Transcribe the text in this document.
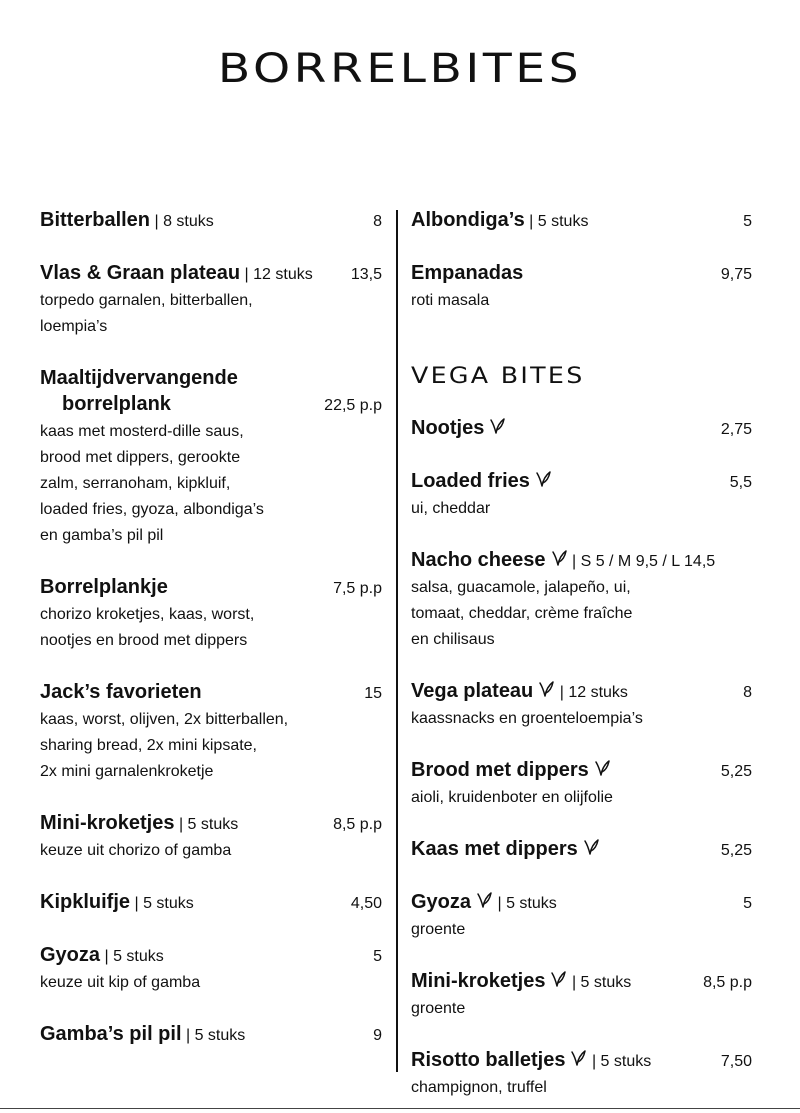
BORRELBITES
Bitterballen | 8 stuks	8
Vlas & Graan plateau | 12 stuks 13,5
torpedo garnalen, bitterballen,
loempia’s
Maaltijdvervangende
borrelplank	22,5 p.p
kaas met mosterd-dille saus,
brood met dippers, gerookte
zalm, serranoham, kipkluif,
loaded fries, gyoza, albondiga’s
en gamba’s pil pil
Borrelplankje	7,5 p.p
chorizo kroketjes, kaas, worst,
nootjes en brood met dippers
Jack’s favorieten	15
kaas, worst, olijven, 2x bitterballen,
sharing bread, 2x mini kipsate,
2x mini garnalenkroketje
Mini-kroketjes | 5 stuks	8,5 p.p
keuze uit chorizo of gamba
Kipkluifje | 5 stuks	4,50
Gyoza | 5 stuks	5
keuze uit kip of gamba
Gamba’s pil pil | 5 stuks	9
Albondiga’s | 5 stuks	5
Empanadas	9,75
roti masala
VEGA BITES
Nootjes	2,75
Loaded fries	5,5
ui, cheddar
Nacho cheese | S 5 / M 9,5 / L 14,5
salsa, guacamole, jalapeño, ui,
tomaat, cheddar, crème fraîche
en chilisaus
Vega plateau | 12 stuks	8
kaassnacks en groenteloempia’s
Brood met dippers	5,25
aioli, kruidenboter en olijfolie
Kaas met dippers	5,25
Gyoza | 5 stuks	5
groente
Mini-kroketjes | 5 stuks	8,5 p.p
groente
Risotto balletjes | 5 stuks	7,50
champignon, truffel
